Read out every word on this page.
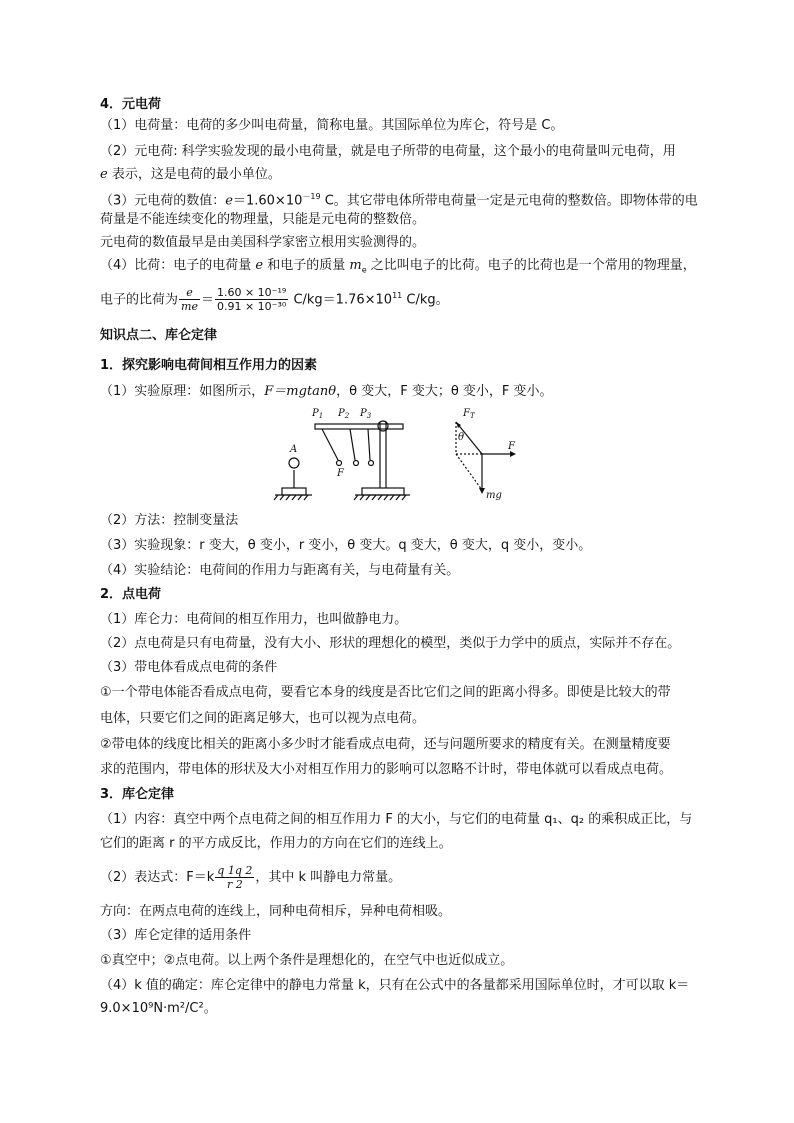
4．元电荷
（1）电荷量：电荷的多少叫电荷量，简称电量。其国际单位为库仑，符号是 C。
（2）元电荷: 科学实验发现的最小电荷量，就是电子所带的电荷量，这个最小的电荷量叫元电荷，用
e 表示，这是电荷的最小单位。
（3）元电荷的数值：$e=1.60\times 10^{-19}$ C。其它带电体所带电荷量一定是元电荷的整数倍。即物体带的电
荷量是不能连续变化的物理量，只能是元电荷的整数倍。
元电荷的数值最早是由美国科学家密立根用实验测得的。
（4）比荷：电子的电荷量 e 和电子的质量 $m_e$ 之比叫电子的比荷。电子的比荷也是一个常用的物理量，
电子的比荷为 $\frac{e}{me} = \frac{\text{1.60 × 10⁻¹⁹}}{\text{0.91 × 10⁻³⁰}} C/kg=1.76\times 10^{11}$ C/kg。
知识点二、库仑定律
1．探究影响电荷间相互作用力的因素
（1）实验原理：如图所示，F＝mgtanθ，θ 变大，F 变大；θ 变小，F 变小。
$P_1$ $P_2$ $P_3$
A
F
$F_T$
θ
F
mg
（2）方法：控制变量法
（3）实验现象：r 变大，θ 变小，r 变小，θ 变大。q 变大，θ 变大，q 变小，变小。
（4）实验结论：电荷间的作用力与距离有关，与电荷量有关。
2．点电荷
（1）库仑力：电荷间的相互作用力，也叫做静电力。
（2）点电荷是只有电荷量，没有大小、形状的理想化的模型，类似于力学中的质点，实际并不存在。
（3）带电体看成点电荷的条件
①一个带电体能否看成点电荷，要看它本身的线度是否比它们之间的距离小得多。即使是比较大的带
电体，只要它们之间的距离足够大，也可以视为点电荷。
②带电体的线度比相关的距离小多少时才能看成点电荷，还与问题所要求的精度有关。在测量精度要
求的范围内，带电体的形状及大小对相互作用力的影响可以忽略不计时，带电体就可以看成点电荷。
3．库仑定律
（1）内容：真空中两个点电荷之间的相互作用力 F 的大小，与它们的电荷量 q₁、q₂ 的乘积成正比，与
它们的距离 r 的平方成反比，作用力的方向在它们的连线上。
（2）表达式：$F=k \frac{q 1q 2}{r 2}$ ，其中 k 叫静电力常量。
方向：在两点电荷的连线上，同种电荷相斥，异种电荷相吸。
（3）库仑定律的适用条件
①真空中；②点电荷。以上两个条件是理想化的，在空气中也近似成立。
（4）k 值的确定：库仑定律中的静电力常量 k，只有在公式中的各量都采用国际单位时，才可以取 k＝
9.0×10⁹N·m²/C²。
